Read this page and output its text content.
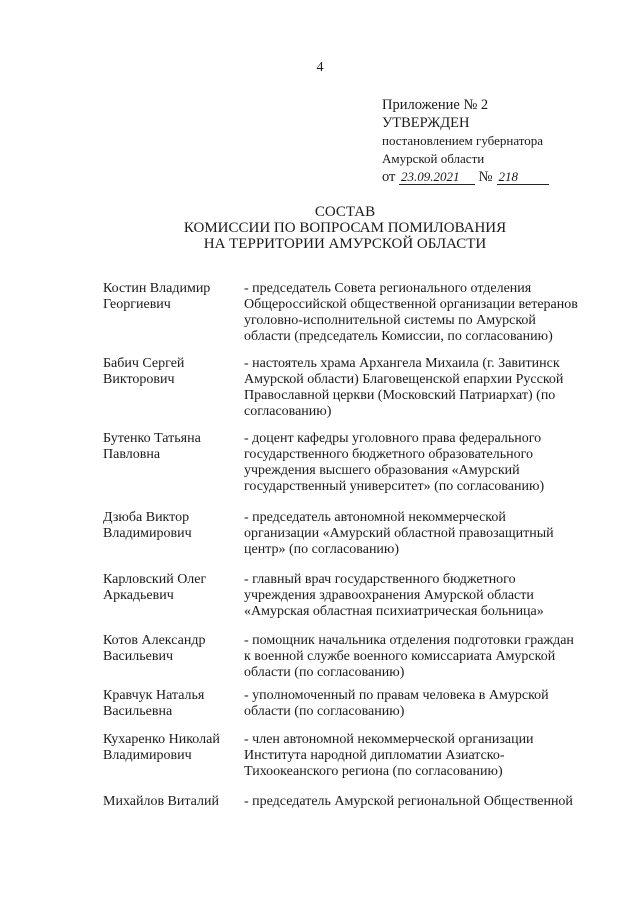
4
Приложение № 2
УТВЕРЖДЕН
постановлением губернатора
Амурской области
от 23.09.2021 № 218
СОСТАВ
КОМИССИИ ПО ВОПРОСАМ ПОМИЛОВАНИЯ
НА ТЕРРИТОРИИ АМУРСКОЙ ОБЛАСТИ
Костин Владимир
Георгиевич
- председатель Совета регионального отделения
Общероссийской общественной организации ветеранов
уголовно-исполнительной системы по Амурской
области (председатель Комиссии, по согласованию)
Бабич Сергей
Викторович
- настоятель храма Архангела Михаила (г. Завитинск
Амурской области) Благовещенской епархии Русской
Православной церкви (Московский Патриархат) (по
согласованию)
Бутенко Татьяна
Павловна
- доцент кафедры уголовного права федерального
государственного бюджетного образовательного
учреждения высшего образования «Амурский
государственный университет» (по согласованию)
Дзюба Виктор
Владимирович
- председатель автономной некоммерческой
организации «Амурский областной правозащитный
центр» (по согласованию)
Карловский Олег
Аркадьевич
- главный врач государственного бюджетного
учреждения здравоохранения Амурской области
«Амурская областная психиатрическая больница»
Котов Александр
Васильевич
- помощник начальника отделения подготовки граждан
к военной службе военного комиссариата Амурской
области (по согласованию)
Кравчук Наталья
Васильевна
- уполномоченный по правам человека в Амурской
области (по согласованию)
Кухаренко Николай
Владимирович
- член автономной некоммерческой организации
Института народной дипломатии Азиатско-
Тихоокеанского региона (по согласованию)
Михайлов Виталий	- председатель Амурской региональной Общественной
